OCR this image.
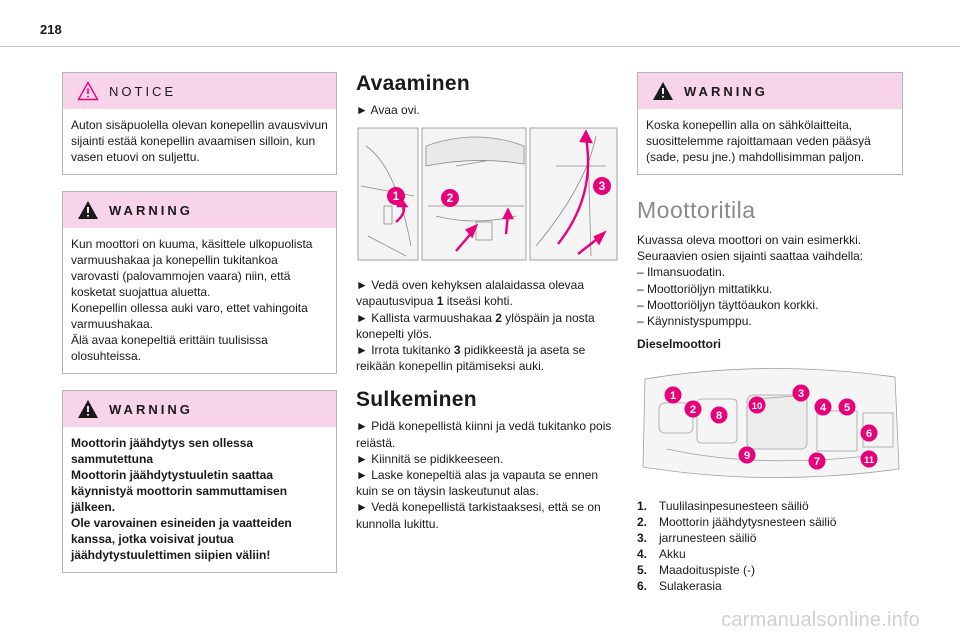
218
NOTICE

Auton sisäpuolella olevan konepellin avausvivun sijainti estää konepellin avaamisen silloin, kun vasen etuovi on suljettu.

WARNING

Kun moottori on kuuma, käsittele ulkopuolista varmuushakaa ja konepellin tukitankoa varovasti (palovammojen vaara) niin, että kosketat suojattua aluetta.

Konepellin ollessa auki varo, ettet vahingoita varmuushakaa.

Älä avaa konepeltiä erittäin tuulisissa olosuhteissa.

WARNING

Moottorin jäähdytys sen ollessa sammutettuna

Moottorin jäähdytystuuletin saattaa käynnistyä moottorin sammuttamisen jälkeen.

Ole varovainen esineiden ja vaatteiden kanssa, jotka voisivat joutua jäähdytystuulettimen siipien väliin!

Avaaminen

► Avaa ovi.

1	2
3

► Vedä oven kehyksen alalaidassa olevaa vapautusvipua 1 itseäsi kohti.

► Kallista varmuushakaa 2 ylöspäin ja nosta konepelti ylös.

► Irrota tukitanko 3 pidikkeestä ja aseta se reikään konepellin pitämiseksi auki.

Sulkeminen

► Pidä konepellistä kiinni ja vedä tukitanko pois reiästä.

► Kiinnitä se pidikkeeseen.

► Laske konepeltiä alas ja vapauta se ennen kuin se on täysin laskeutunut alas.

► Vedä konepellistä tarkistaaksesi, että se on kunnolla lukittu.

WARNING

Koska konepellin alla on sähkölaitteita, suosittelemme rajoittamaan veden pääsyä (sade, pesu jne.) mahdollisimman paljon.

Moottoritila

Kuvassa oleva moottori on vain esimerkki.

Seuraavien osien sijainti saattaa vaihdella:

– Ilmansuodatin.

– Moottoriöljyn mittatikku.

– Moottoriöljyn täyttöaukon korkki.

– Käynnistyspumppu.

Dieselmoottori

1
2 8
9
10
3
4 5
6
7	11
1. Tuulilasinpesunesteen säiliö
2. Moottorin jäähdytysnesteen säiliö
3. jarrunesteen säiliö
4. Akku
5. Maadoituspiste (-)
6. Sulakerasia
carmanualsonline.info
